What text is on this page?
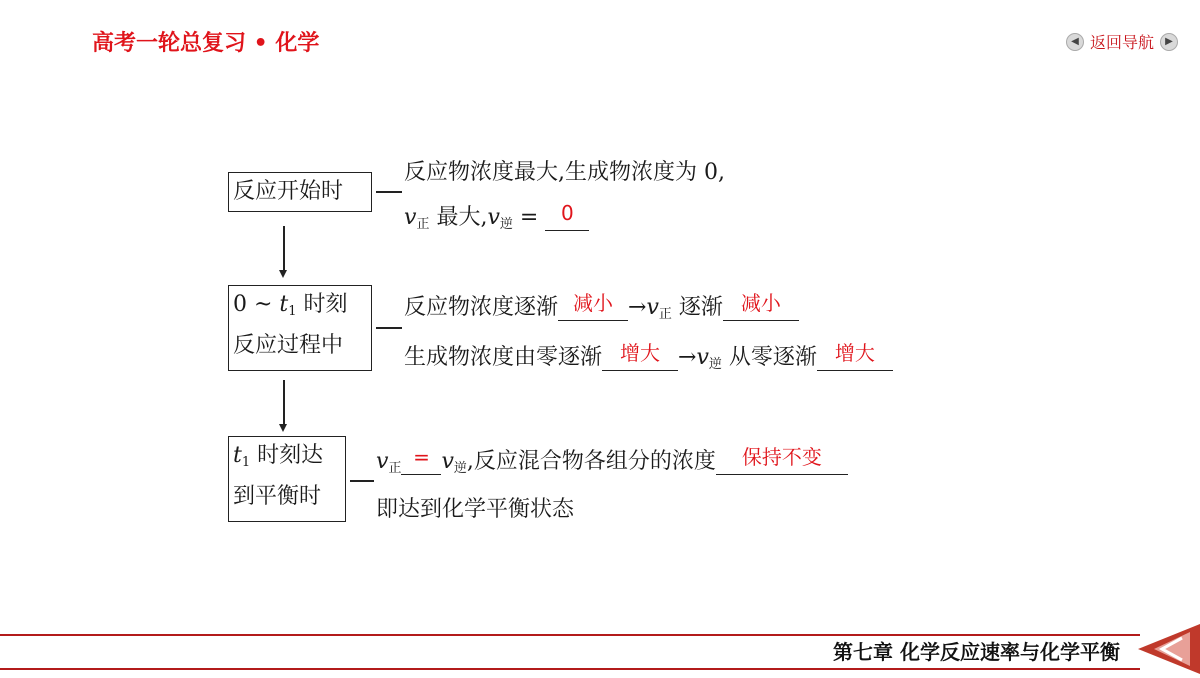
高考一轮总复习 • 化学	◀ 返回导航	▶
反应开始时
反应物浓度最大,生成物浓度为 0,
$v_正$ 最大$,v_逆 = 0$
0 ~ $t_1$ 时刻
反应过程中
反应物浓度逐渐 减小 $\to v_正$ 逐渐 减小
生成物浓度由零逐渐 增大 $\to v_逆$ 从零逐渐 增大
$t_1$ 时刻达
到平衡时
$v_正 = v_逆$,反应混合物各组分的浓度 保持不变
即达到化学平衡状态
第七章 化学反应速率与化学平衡
